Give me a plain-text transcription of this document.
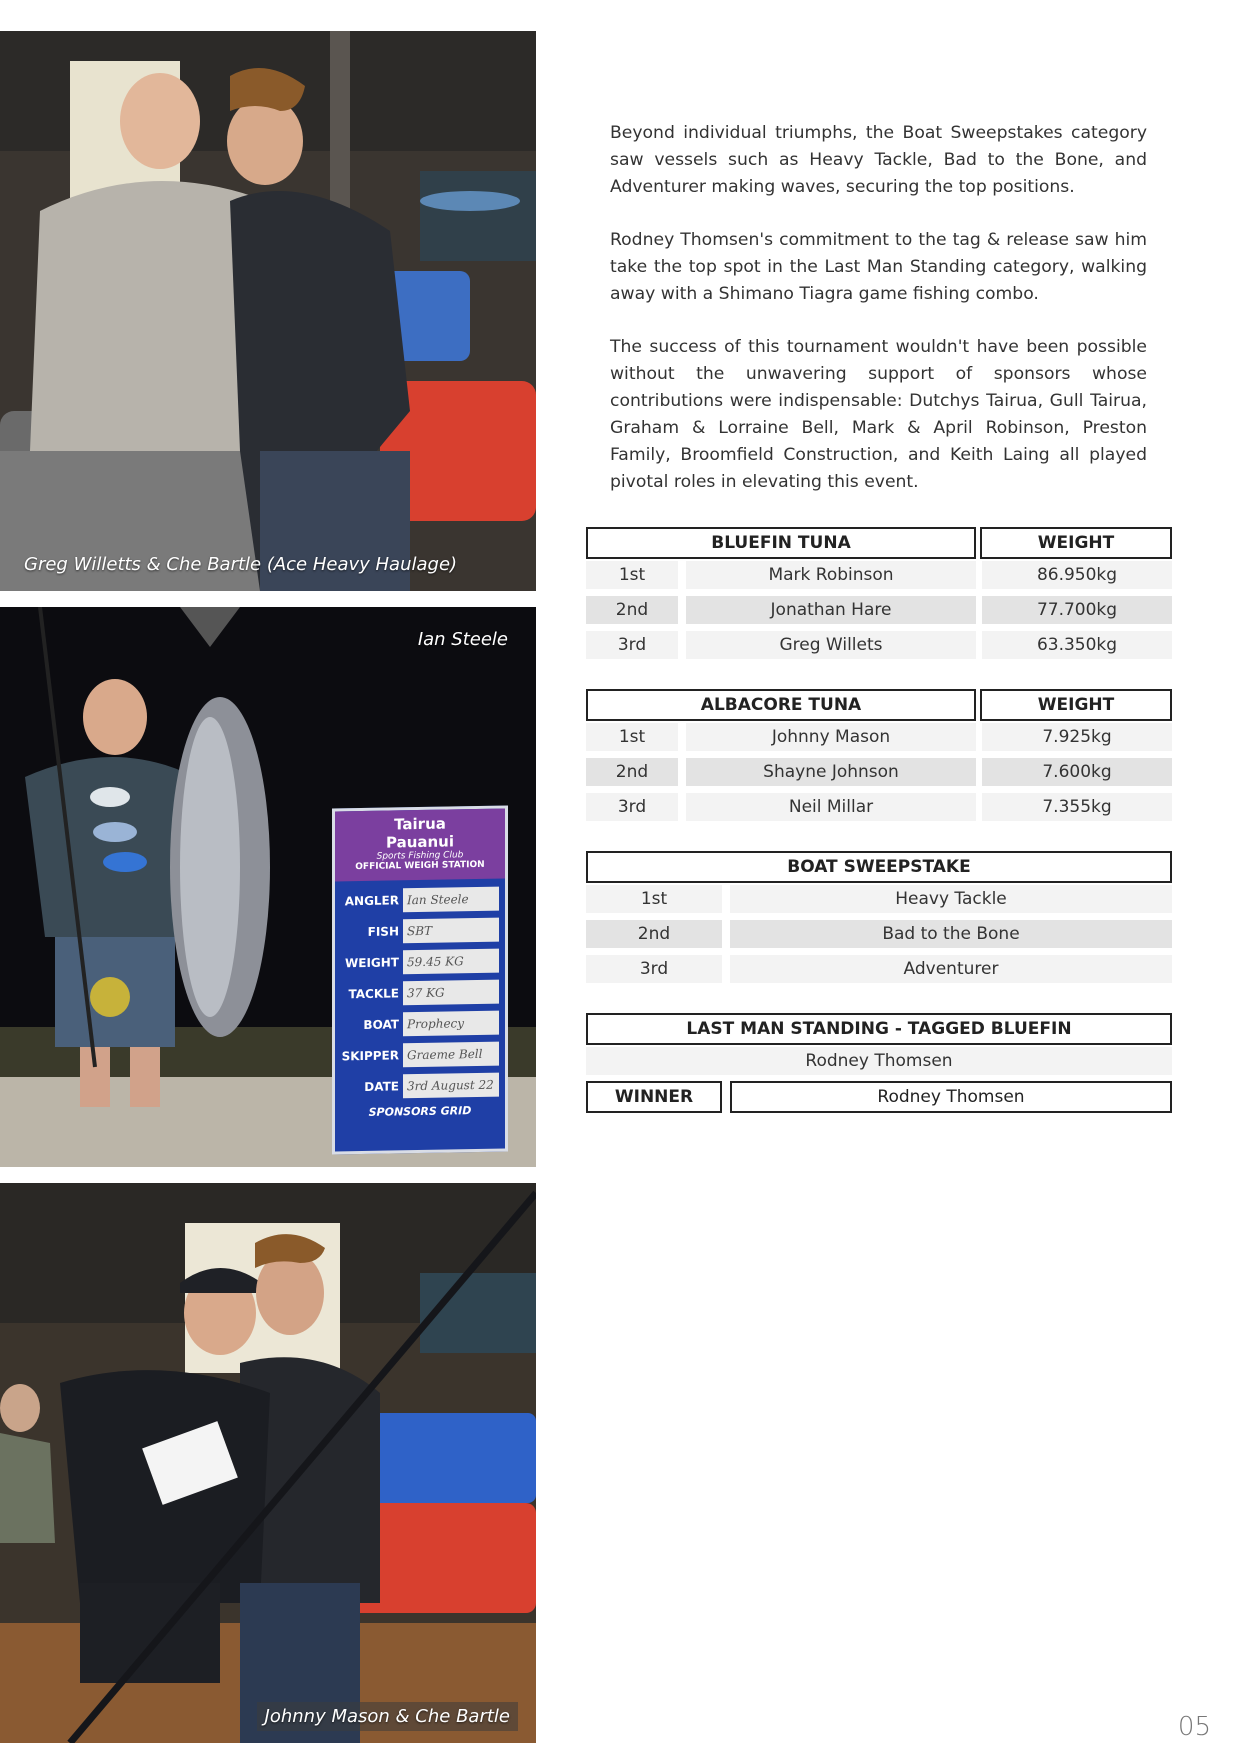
Greg Willetts & Che Bartle (Ace Heavy Haulage)
Tairua
Pauanui
Sports Fishing Club
OFFICIAL WEIGH STATION
ANGLER Ian Steele
FISH SBT
WEIGHT 59.45 KG
TACKLE 37 KG
BOAT Prophecy
SKIPPER Graeme Bell
DATE 3rd August 22
SPONSORS GRID
Ian Steele
Johnny Mason & Che Bartle

Beyond individual triumphs, the Boat Sweepstakes category saw vessels such as Heavy Tackle, Bad to the Bone, and Adventurer making waves, securing the top positions.

Rodney Thomsen's commitment to the tag & release saw him take the top spot in the Last Man Standing category, walking away with a Shimano Tiagra game fishing combo.

The success of this tournament wouldn't have been possible without the unwavering support of sponsors whose contributions were indispensable: Dutchys Tairua, Gull Tairua, Graham & Lorraine Bell, Mark & April Robinson, Preston Family, Broomfield Construction, and Keith Laing all played pivotal roles in elevating this event.

BLUEFIN TUNA	WEIGHT
1st	Mark Robinson	86.950kg
2nd	Jonathan Hare	77.700kg
3rd	Greg Willets	63.350kg
ALBACORE TUNA	WEIGHT
1st	Johnny Mason	7.925kg
2nd	Shayne Johnson	7.600kg
3rd	Neil Millar	7.355kg
BOAT SWEEPSTAKE
1st	Heavy Tackle
2nd	Bad to the Bone
3rd	Adventurer
LAST MAN STANDING - TAGGED BLUEFIN
Rodney Thomsen
WINNER	Rodney Thomsen
05
